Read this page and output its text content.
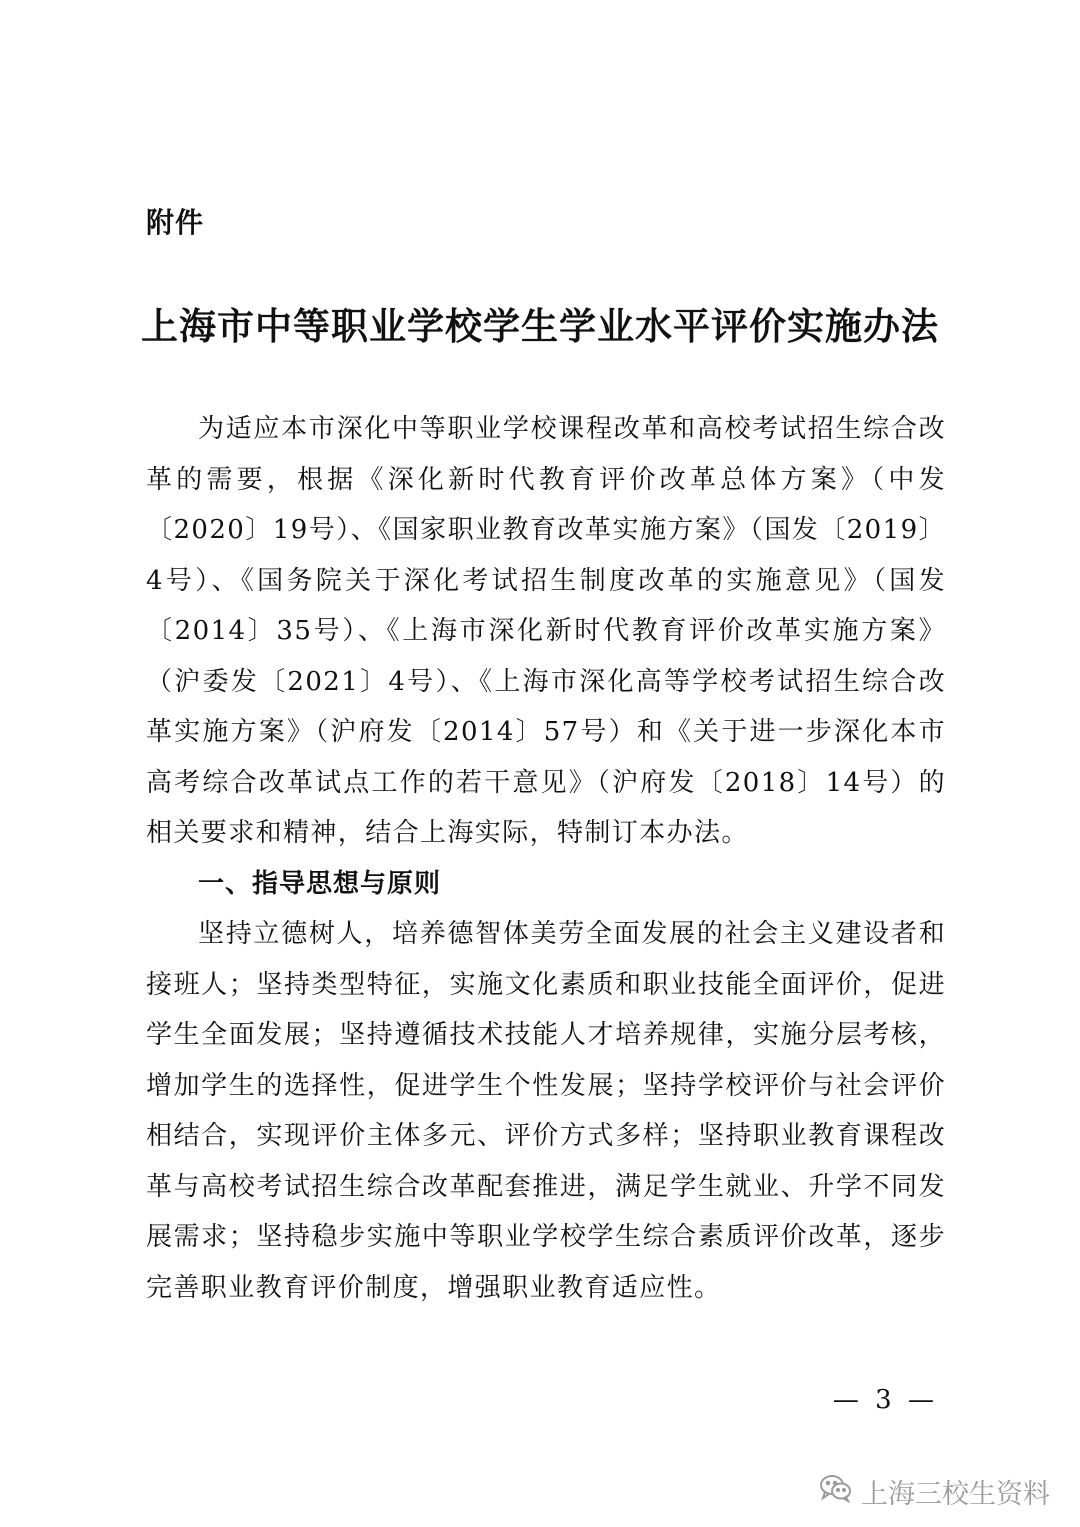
附件
上海市中等职业学校学生学业水平评价实施办法

为适应本市深化中等职业学校课程改革和高校考试招生综合改革的需要，根据《深化新时代教育评价改革总体方案》（中发〔2020〕19号）、《国家职业教育改革实施方案》（国发〔2019〕4号）、《国务院关于深化考试招生制度改革的实施意见》（国发〔2014〕35号）、《上海市深化新时代教育评价改革实施方案》（沪委发〔2021〕4号）、《上海市深化高等学校考试招生综合改革实施方案》（沪府发〔2014〕57号）和《关于进一步深化本市高考综合改革试点工作的若干意见》（沪府发〔2018〕14号）的相关要求和精神，结合上海实际，特制订本办法。

一、指导思想与原则

坚持立德树人，培养德智体美劳全面发展的社会主义建设者和接班人；坚持类型特征，实施文化素质和职业技能全面评价，促进学生全面发展；坚持遵循技术技能人才培养规律，实施分层考核，增加学生的选择性，促进学生个性发展；坚持学校评价与社会评价相结合，实现评价主体多元、评价方式多样；坚持职业教育课程改革与高校考试招生综合改革配套推进，满足学生就业、升学不同发展需求；坚持稳步实施中等职业学校学生综合素质评价改革，逐步完善职业教育评价制度，增强职业教育适应性。

— 3 —
上海三校生资料
